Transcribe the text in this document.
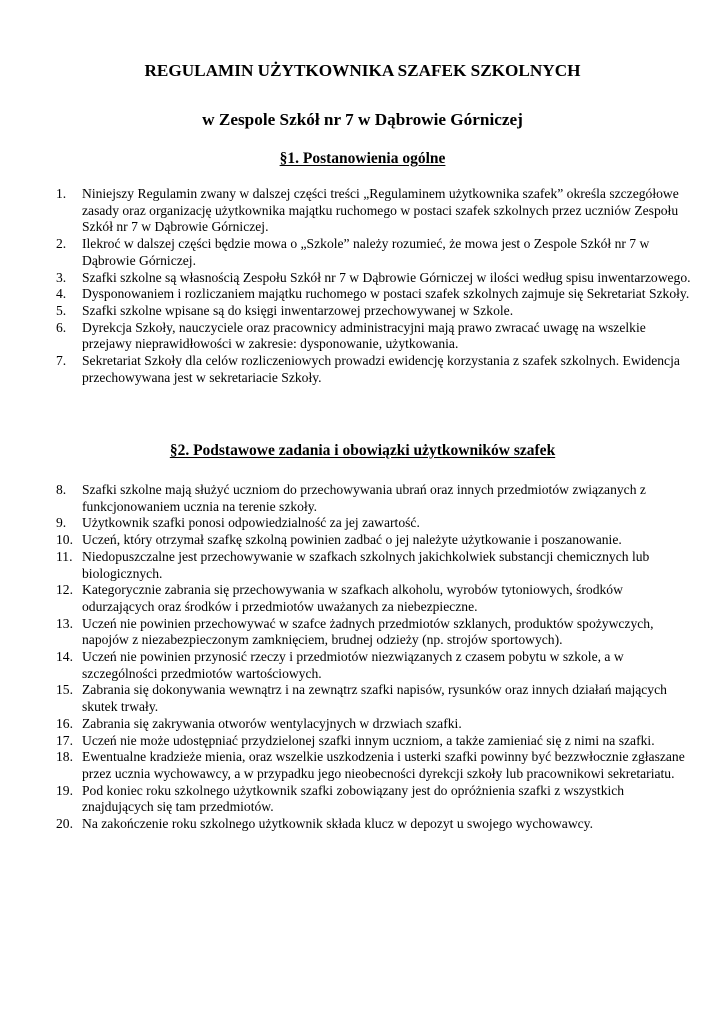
REGULAMIN UŻYTKOWNIKA SZAFEK SZKOLNYCH
w Zespole Szkół nr 7 w Dąbrowie Górniczej
§1. Postanowienia ogólne
1. Niniejszy Regulamin zwany w dalszej części treści „Regulaminem użytkownika szafek” określa szczegółowe zasady oraz organizację użytkownika majątku ruchomego w postaci szafek szkolnych przez uczniów Zespołu Szkół nr 7 w Dąbrowie Górniczej.
2. Ilekroć w dalszej części będzie mowa o „Szkole” należy rozumieć, że mowa jest o Zespole Szkół nr 7 w Dąbrowie Górniczej.
3. Szafki szkolne są własnością Zespołu Szkół nr 7 w Dąbrowie Górniczej w ilości według spisu inwentarzowego.
4. Dysponowaniem i rozliczaniem majątku ruchomego w postaci szafek szkolnych zajmuje się Sekretariat Szkoły.
5. Szafki szkolne wpisane są do księgi inwentarzowej przechowywanej w Szkole.
6. Dyrekcja Szkoły, nauczyciele oraz pracownicy administracyjni mają prawo zwracać uwagę na wszelkie przejawy nieprawidłowości w zakresie: dysponowanie, użytkowania.
7. Sekretariat Szkoły dla celów rozliczeniowych prowadzi ewidencję korzystania z szafek szkolnych. Ewidencja przechowywana jest w sekretariacie Szkoły.
§2. Podstawowe zadania i obowiązki użytkowników szafek
8. Szafki szkolne mają służyć uczniom do przechowywania ubrań oraz innych przedmiotów związanych z funkcjonowaniem ucznia na terenie szkoły.
9. Użytkownik szafki ponosi odpowiedzialność za jej zawartość.
10. Uczeń, który otrzymał szafkę szkolną powinien zadbać o jej należyte użytkowanie i poszanowanie.
11. Niedopuszczalne jest przechowywanie w szafkach szkolnych jakichkolwiek substancji chemicznych lub biologicznych.
12. Kategorycznie zabrania się przechowywania w szafkach alkoholu, wyrobów tytoniowych, środków odurzających oraz środków i przedmiotów uważanych za niebezpieczne.
13. Uczeń nie powinien przechowywać w szafce żadnych przedmiotów szklanych, produktów spożywczych, napojów z niezabezpieczonym zamknięciem, brudnej odzieży (np. strojów sportowych).
14. Uczeń nie powinien przynosić rzeczy i przedmiotów niezwiązanych z czasem pobytu w szkole, a w szczególności przedmiotów wartościowych.
15. Zabrania się dokonywania wewnątrz i na zewnątrz szafki napisów, rysunków oraz innych działań mających skutek trwały.
16. Zabrania się zakrywania otworów wentylacyjnych w drzwiach szafki.
17. Uczeń nie może udostępniać przydzielonej szafki innym uczniom, a także zamieniać się z nimi na szafki.
18. Ewentualne kradzieże mienia, oraz wszelkie uszkodzenia i usterki szafki powinny być bezzwłocznie zgłaszane przez ucznia wychowawcy, a w przypadku jego nieobecności dyrekcji szkoły lub pracownikowi sekretariatu.
19. Pod koniec roku szkolnego użytkownik szafki zobowiązany jest do opróżnienia szafki z wszystkich znajdujących się tam przedmiotów.
20. Na zakończenie roku szkolnego użytkownik składa klucz w depozyt u swojego wychowawcy.
